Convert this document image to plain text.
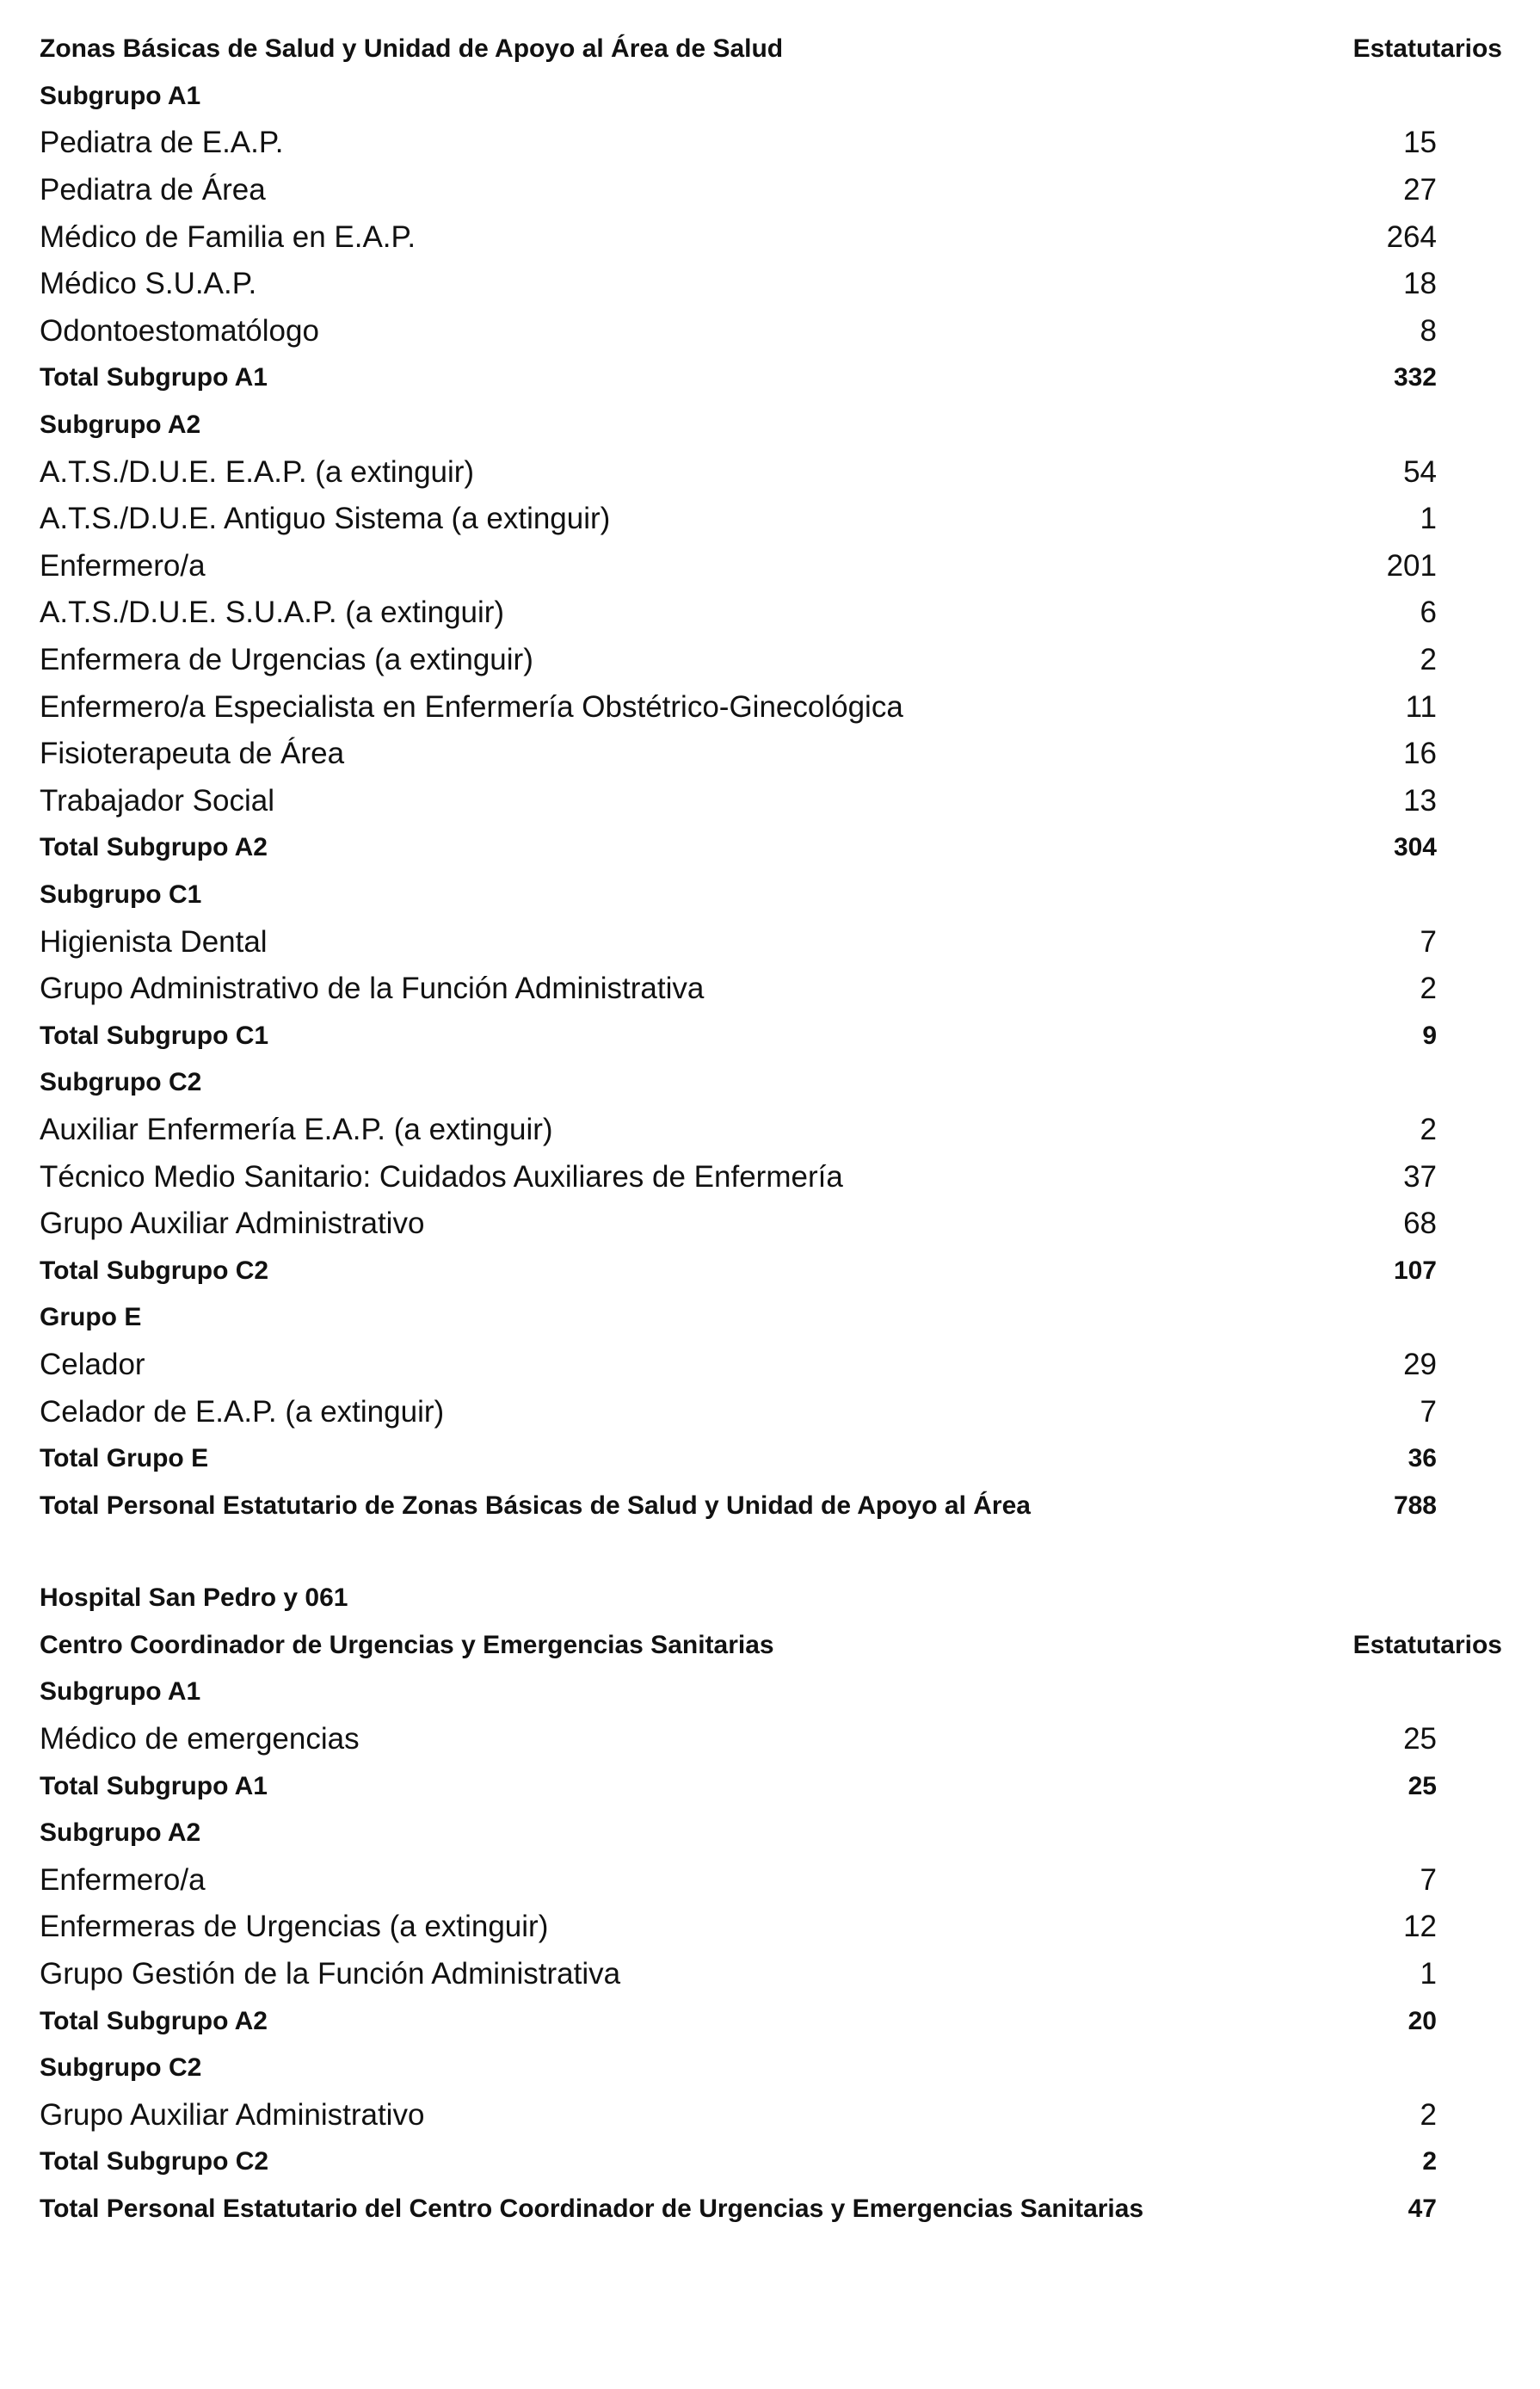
Zonas Básicas de Salud y Unidad de Apoyo al Área de Salud	Estatutarios
Subgrupo A1
Pediatra de E.A.P.	15
Pediatra de Área	27
Médico de Familia en E.A.P.	264
Médico S.U.A.P.	18
Odontoestomatólogo	8
Total Subgrupo A1	332
Subgrupo A2
A.T.S./D.U.E. E.A.P. (a extinguir)	54
A.T.S./D.U.E. Antiguo Sistema (a extinguir)	1
Enfermero/a	201
A.T.S./D.U.E. S.U.A.P. (a extinguir)	6
Enfermera de Urgencias (a extinguir)	2
Enfermero/a Especialista en Enfermería Obstétrico-Ginecológica	11
Fisioterapeuta de Área	16
Trabajador Social	13
Total Subgrupo A2	304
Subgrupo C1
Higienista Dental	7
Grupo Administrativo de la Función Administrativa	2
Total Subgrupo C1	9
Subgrupo C2
Auxiliar Enfermería E.A.P. (a extinguir)	2
Técnico Medio Sanitario: Cuidados Auxiliares de Enfermería	37
Grupo Auxiliar Administrativo	68
Total Subgrupo C2	107
Grupo E
Celador	29
Celador de E.A.P. (a extinguir)	7
Total Grupo E	36
Total Personal Estatutario de Zonas Básicas de Salud y Unidad de Apoyo al Área	788
Hospital San Pedro y 061
Centro Coordinador de Urgencias y Emergencias Sanitarias	Estatutarios
Subgrupo A1
Médico de emergencias	25
Total Subgrupo A1	25
Subgrupo A2
Enfermero/a	7
Enfermeras de Urgencias (a extinguir)	12
Grupo Gestión de la Función Administrativa	1
Total Subgrupo A2	20
Subgrupo C2
Grupo Auxiliar Administrativo	2
Total Subgrupo C2	2
Total Personal Estatutario del Centro Coordinador de Urgencias y Emergencias Sanitarias	47
